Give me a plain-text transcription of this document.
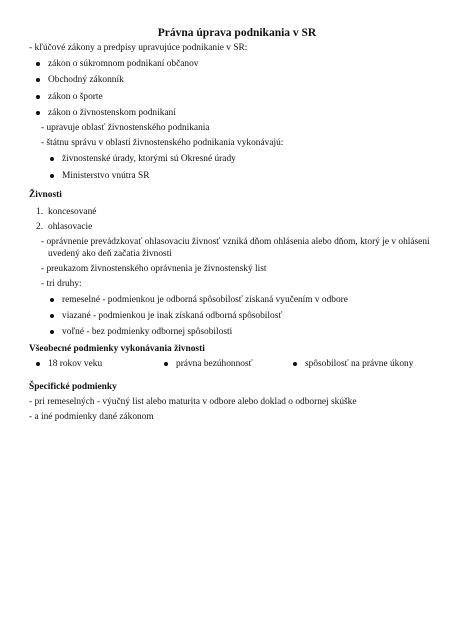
Právna úprava podnikania v SR
- kľúčové zákony a predpisy upravujúce podnikanie v SR:
zákon o súkromnom podnikaní občanov
Obchodný zákonník
zákon o športe
zákon o živnostenskom podnikaní
- upravuje oblasť živnostenského podnikania
- štátnu správu v oblasti živnostenského podnikania vykonávajú:
živnostenské úrady, ktorými sú Okresné úrady
Ministerstvo vnútra SR
Živnosti
1. koncesované
2. ohlasovacie
- oprávnenie prevádzkovať ohlasovaciu živnosť vzniká dňom ohlásenia alebo dňom, ktorý je v ohlásení
uvedený ako deň začatia živnosti
- preukazom živnostenského oprávnenia je živnostenský list
- tri druhy:
remeselné - podmienkou je odborná spôsobilosť získaná vyučením v odbore
viazané - podmienkou je inak získaná odborná spôsobilosť
voľné - bez podmienky odbornej spôsobilosti
Všeobecné podmienky vykonávania živnosti
18 rokov veku	právna bezúhonnosť	spôsobilosť na právne úkony
Špecifické podmienky
- pri remeselných - výučný list alebo maturita v odbore alebo doklad o odbornej skúške
- a iné podmienky dané zákonom
